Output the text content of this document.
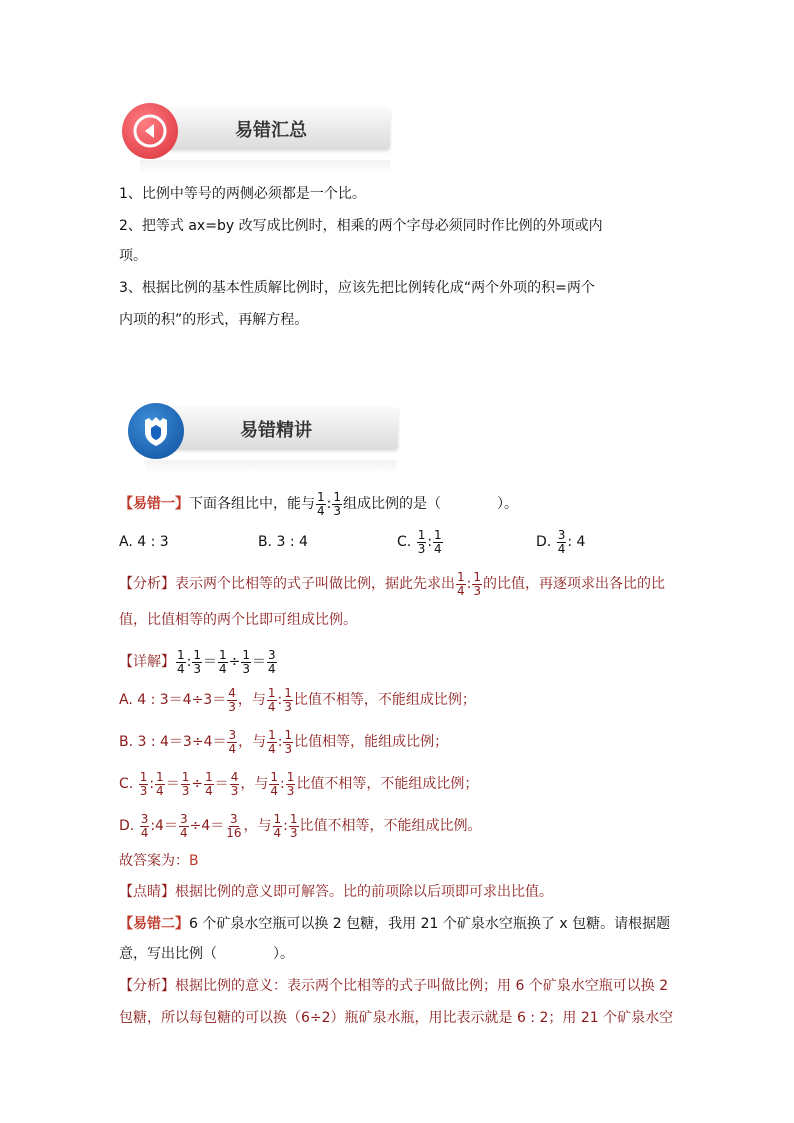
易错汇总
1、比例中等号的两侧必须都是一个比。
2、把等式 ax=by 改写成比例时，相乘的两个字母必须同时作比例的外项或内
项。
3、根据比例的基本性质解比例时，应该先把比例转化成“两个外项的积=两个
内项的积”的形式，再解方程。
易错精讲
【易错一】 下面各组比中，能与 $\frac{1}{4}$ : $\frac{1}{3}$ 组成比例的是（　　　　）。
A. 4 : 3	B. 3 : 4	C.
$\frac{1}{3}$ : $\frac{1}{4}$	D.
$\frac{3}{4}$ : 4
【分析】 表示两个比相等的式子叫做比例，据此先求出 $\frac{1}{4}$ : $\frac{1}{3}$ 的比值，再逐项求出各比的比
值，比值相等的两个比即可组成比例。
【详解】 $\frac{1}{4}$ : $\frac{1}{3} = \frac{1}{4} \div \frac{1}{3} = \frac{3}{4}$
A. 4 : $3=4\div 3= \frac{4}{3}$ ，与 $\frac{1}{4}$ : $\frac{1}{3}$ 比值不相等，不能组成比例；
B. 3 : $4=3\div 4= \frac{3}{4}$ ，与 $\frac{1}{4}$ : $\frac{1}{3}$ 比值相等，能组成比例；
C.
$\frac{1}{3}$ : $\frac{1}{4} = \frac{1}{3} \div \frac{1}{4} = \frac{4}{3}$ ，与 $\frac{1}{4}$ : $\frac{1}{3}$ 比值不相等，不能组成比例；
D.
$\frac{3}{4}$ :4＝ $\frac{3}{4} \div 4= \frac{3}{16}$ ，与 $\frac{1}{4}$ : $\frac{1}{3}$ 比值不相等，不能组成比例。
故答案为：B
【点睛】根据比例的意义即可解答。比的前项除以后项即可求出比值。
【易错二】6 个矿泉水空瓶可以换 2 包糖，我用 21 个矿泉水空瓶换了 x 包糖。请根据题
意，写出比例（　　　　）。
【分析】根据比例的意义：表示两个比相等的式子叫做比例；用 6 个矿泉水空瓶可以换 2
包糖，所以每包糖的可以换（6÷2）瓶矿泉水瓶，用比表示就是 6 : 2；用 21 个矿泉水空
